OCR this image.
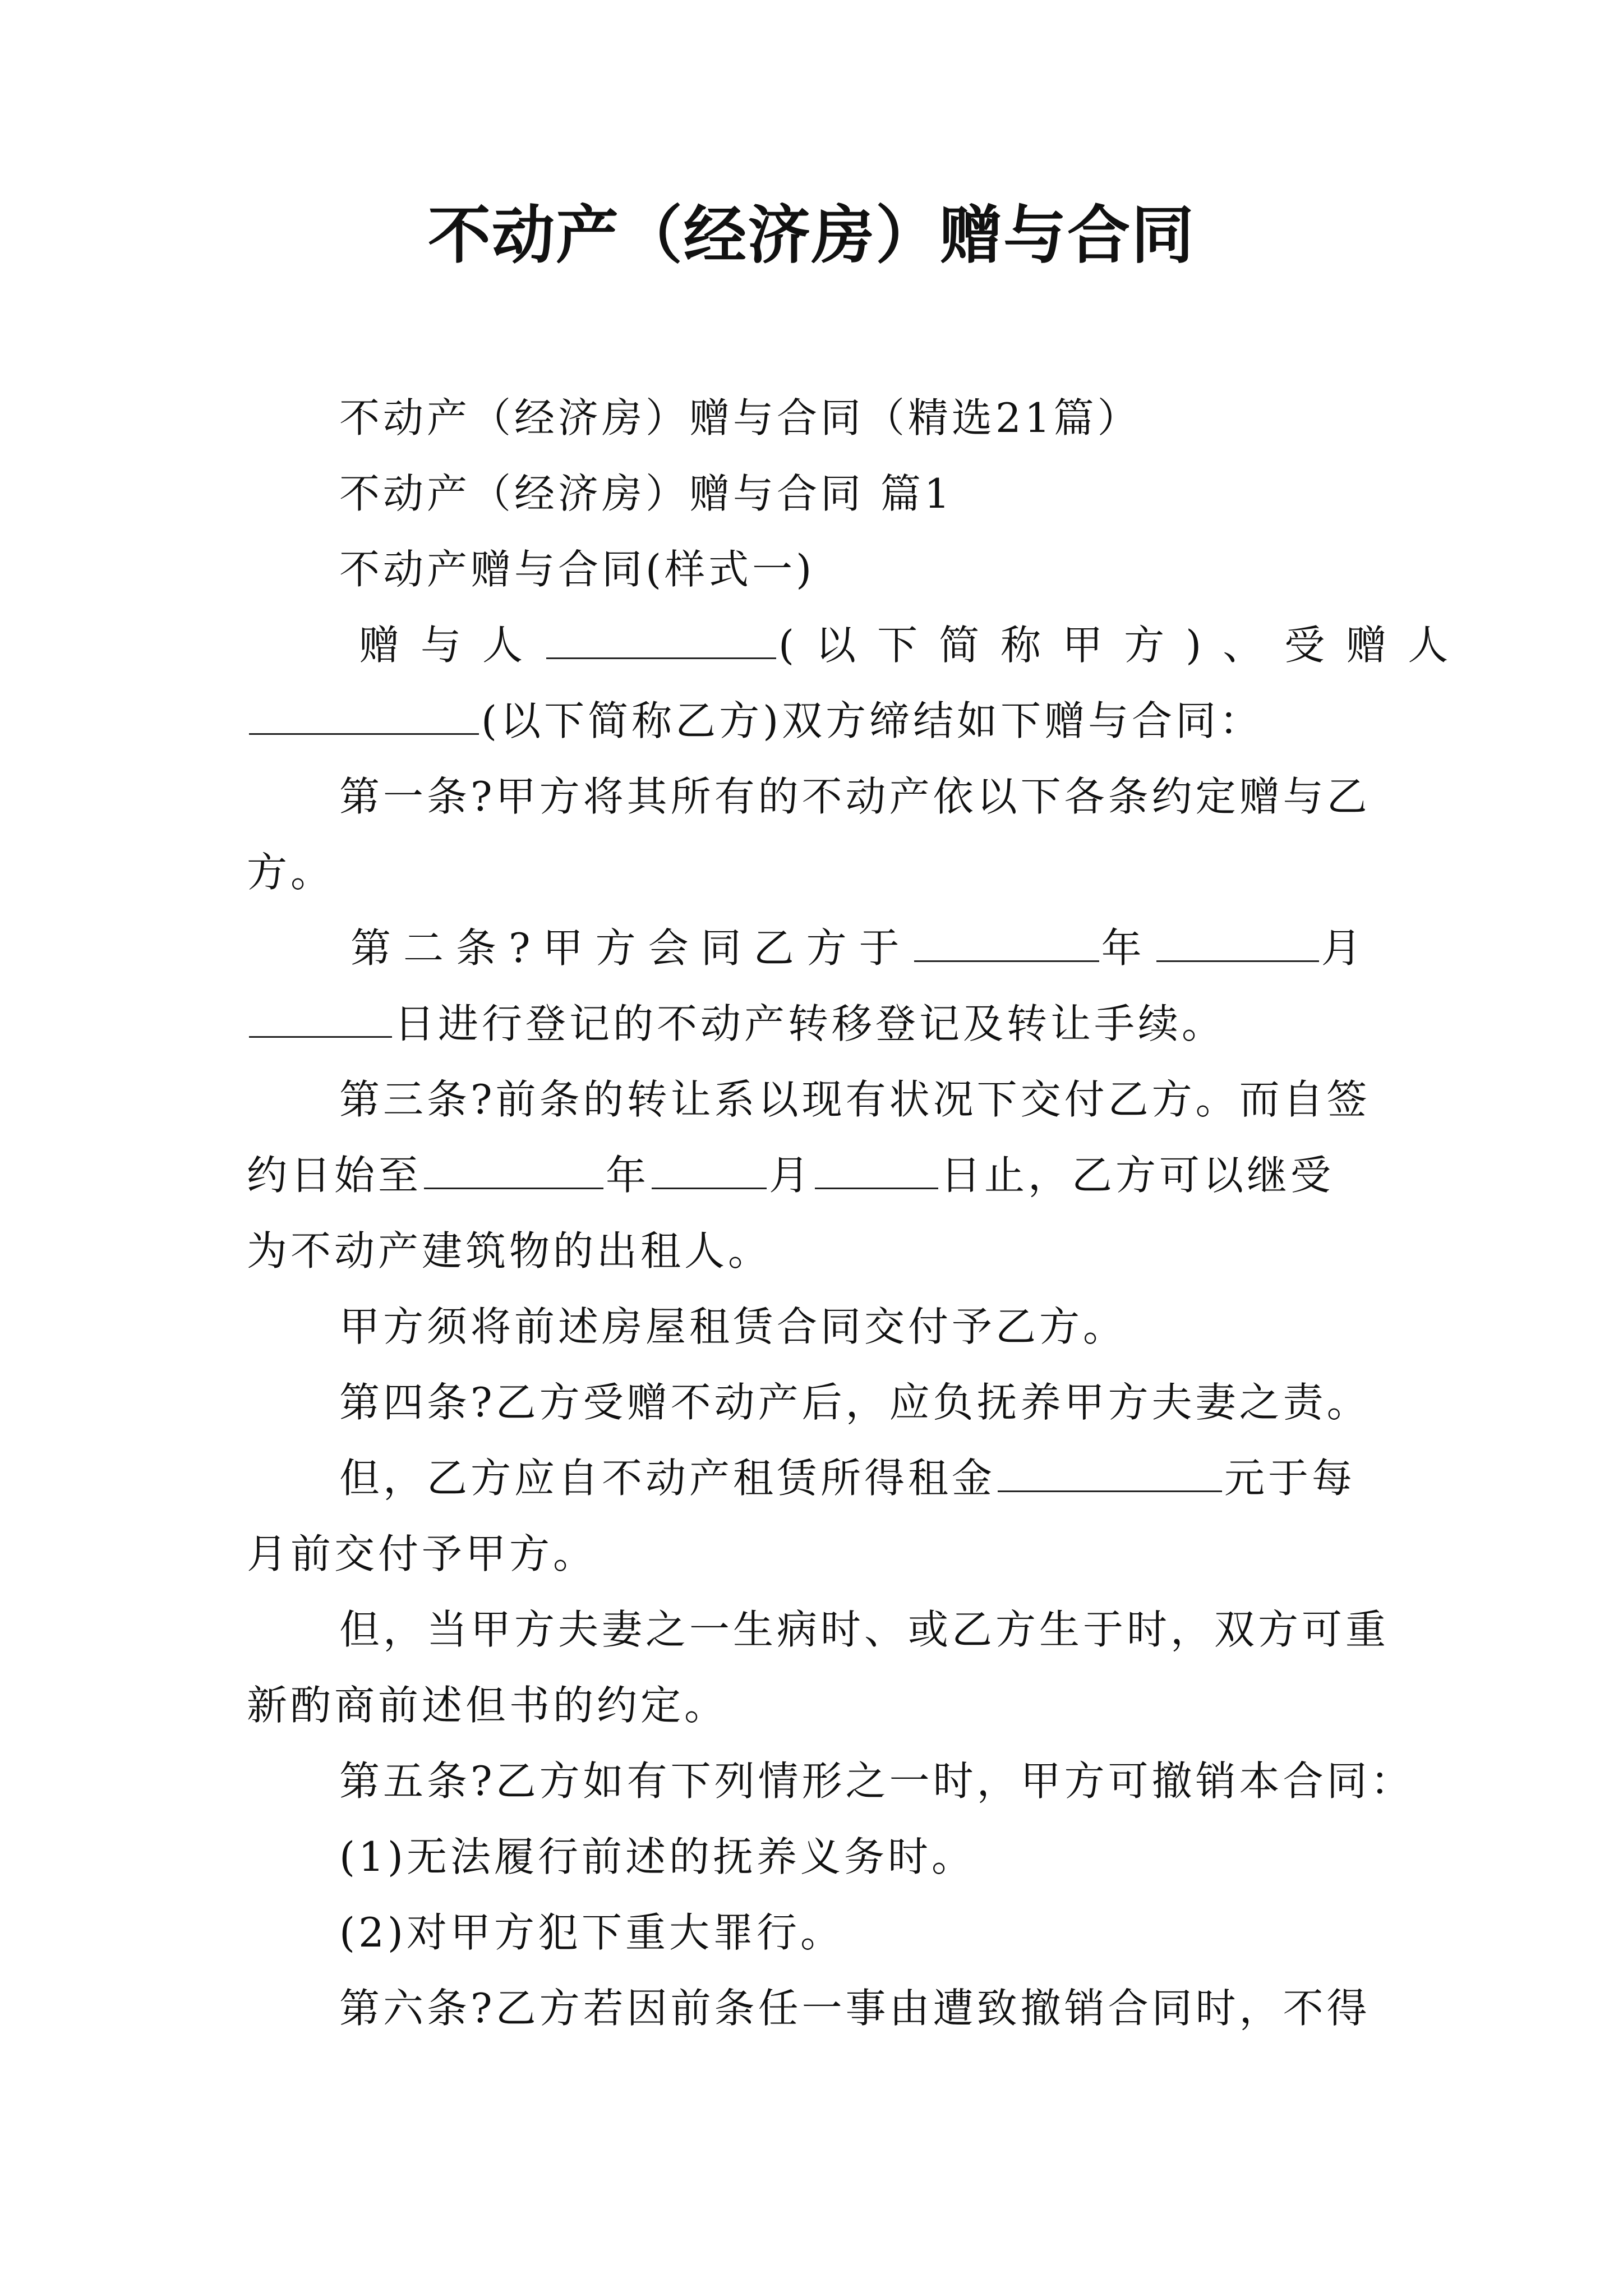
不动产（经济房）赠与合同
不动产（经济房）赠与合同（精选21篇）
不动产（经济房）赠与合同 篇1
不动产赠与合同(样式一)
赠与人	(以下简称甲方)、受赠人
(以下简称乙方)双方缔结如下赠与合同：
第一条?甲方将其所有的不动产依以下各条约定赠与乙
方。
第二条?甲方会同乙方于	年	月
日进行登记的不动产转移登记及转让手续。
第三条?前条的转让系以现有状况下交付乙方。而自签
约日始至	年	月	日止，乙方可以继受
为不动产建筑物的出租人。
甲方须将前述房屋租赁合同交付予乙方。
第四条?乙方受赠不动产后，应负抚养甲方夫妻之责。
但，乙方应自不动产租赁所得租金	元于每
月前交付予甲方。
但，当甲方夫妻之一生病时、或乙方生于时，双方可重
新酌商前述但书的约定。
第五条?乙方如有下列情形之一时，甲方可撤销本合同：
(1)无法履行前述的抚养义务时。
(2)对甲方犯下重大罪行。
第六条?乙方若因前条任一事由遭致撤销合同时，不得
